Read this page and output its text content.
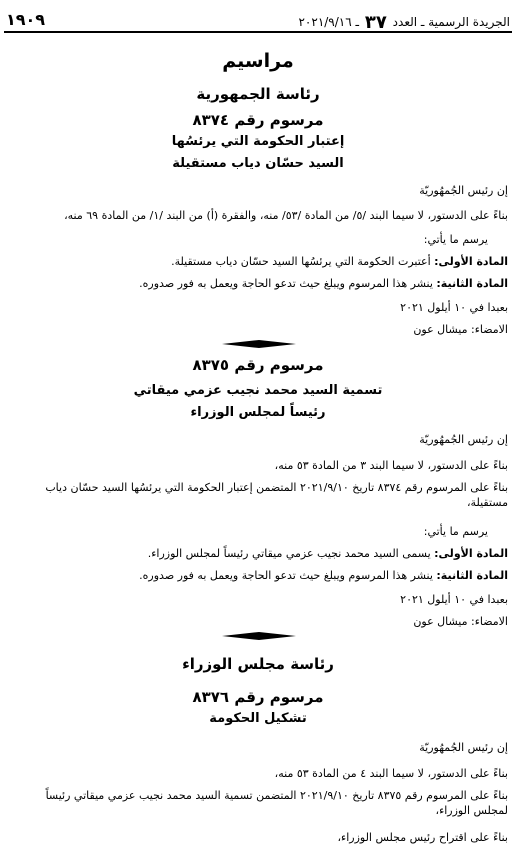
الجريدة الرسمية ـ العدد ٣٧ ـ ٢٠٢١/٩/١٦
١٩٠٩
مراسيم
رئاسة الجمهورية
مرسوم رقم ٨٣٧٤
إعتبار الحكومة التي يرئسُها
السيد حسّان دياب مستقيلة
إن رئيس الجُمهُوريّة
بناءً على الدستور، لا سيما البند /٥/ من المادة /٥٣/ منه، والفقرة (أ) من البند /١/ من المادة ٦٩ منه،
يرسم ما يأتي:
المادة الأولى: أعتبرت الحكومة التي يرئسُها السيد حسّان دياب مستقيلة.
المادة الثانية: ينشر هذا المرسوم ويبلغ حيث تدعو الحاجة ويعمل به فور صدوره.
بعبدا في ١٠ أيلول ٢٠٢١
الامضاء: ميشال عون
مرسوم رقم ٨٣٧٥
تسمية السيد محمد نجيب عزمي ميقاتي
رئيساً لمجلس الوزراء
إن رئيس الجُمهُوريّة
بناءً على الدستور، لا سيما البند ٣ من المادة ٥٣ منه،
بناءً على المرسوم رقم ٨٣٧٤ تاريخ ٢٠٢١/٩/١٠ المتضمن إعتبار الحكومة التي يرئسُها السيد حسّان دياب مستقيلة،
يرسم ما يأتي:
المادة الأولى: يسمى السيد محمد نجيب عزمي ميقاتي رئيساً لمجلس الوزراء.
المادة الثانية: ينشر هذا المرسوم ويبلغ حيث تدعو الحاجة ويعمل به فور صدوره.
بعبدا في ١٠ أيلول ٢٠٢١
الامضاء: ميشال عون
رئاسة مجلس الوزراء
مرسوم رقم ٨٣٧٦
تشكيل الحكومة
إن رئيس الجُمهُوريّة
بناءً على الدستور، لا سيما البند ٤ من المادة ٥٣ منه،
بناءً على المرسوم رقم ٨٣٧٥ تاريخ ٢٠٢١/٩/١٠ المتضمن تسمية السيد محمد نجيب عزمي ميقاتي رئيساً لمجلس الوزراء،
بناءً على اقتراح رئيس مجلس الوزراء،
